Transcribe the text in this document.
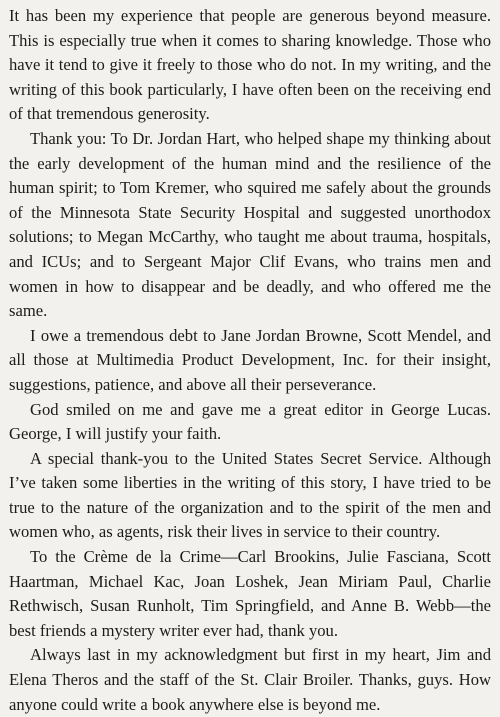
It has been my experience that people are generous beyond measure. This is especially true when it comes to sharing knowledge. Those who have it tend to give it freely to those who do not. In my writing, and the writing of this book particularly, I have often been on the receiving end of that tremendous generosity.

Thank you: To Dr. Jordan Hart, who helped shape my thinking about the early development of the human mind and the resilience of the human spirit; to Tom Kremer, who squired me safely about the grounds of the Minnesota State Security Hospital and suggested unorthodox solutions; to Megan McCarthy, who taught me about trauma, hospitals, and ICUs; and to Sergeant Major Clif Evans, who trains men and women in how to disappear and be deadly, and who offered me the same.

I owe a tremendous debt to Jane Jordan Browne, Scott Mendel, and all those at Multimedia Product Development, Inc. for their insight, suggestions, patience, and above all their perseverance.

God smiled on me and gave me a great editor in George Lucas. George, I will justify your faith.

A special thank-you to the United States Secret Service. Although I’ve taken some liberties in the writing of this story, I have tried to be true to the nature of the organization and to the spirit of the men and women who, as agents, risk their lives in service to their country.

To the Crème de la Crime—Carl Brookins, Julie Fasciana, Scott Haartman, Michael Kac, Joan Loshek, Jean Miriam Paul, Charlie Rethwisch, Susan Runholt, Tim Springfield, and Anne B. Webb—the best friends a mystery writer ever had, thank you.

Always last in my acknowledgment but first in my heart, Jim and Elena Theros and the staff of the St. Clair Broiler. Thanks, guys. How anyone could write a book anywhere else is beyond me.
